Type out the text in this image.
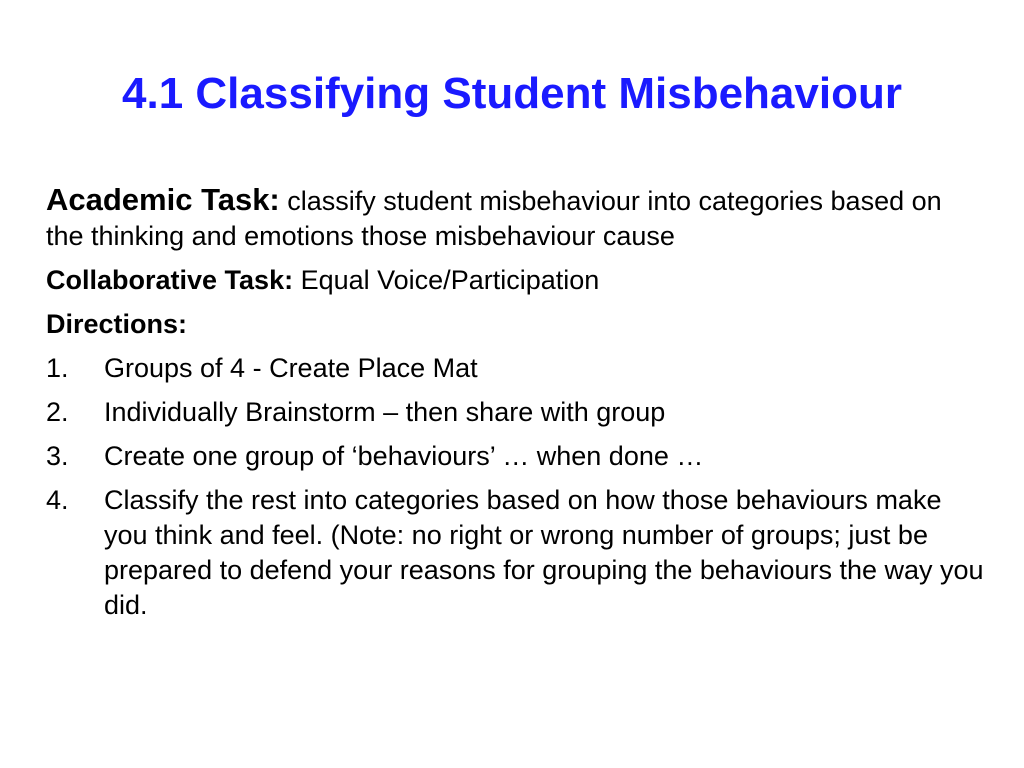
4.1 Classifying Student Misbehaviour

Academic Task: classify student misbehaviour into categories based on the thinking and emotions those misbehaviour cause

Collaborative Task: Equal Voice/Participation

Directions:

1.	Groups of 4 - Create Place Mat
2.	Individually Brainstorm – then share with group
3.	Create one group of ‘behaviours’ … when done …
4.	Classify the rest into categories based on how those behaviours make you think and feel. (Note: no right or wrong number of groups; just be prepared to defend your reasons for grouping the behaviours the way you did.
